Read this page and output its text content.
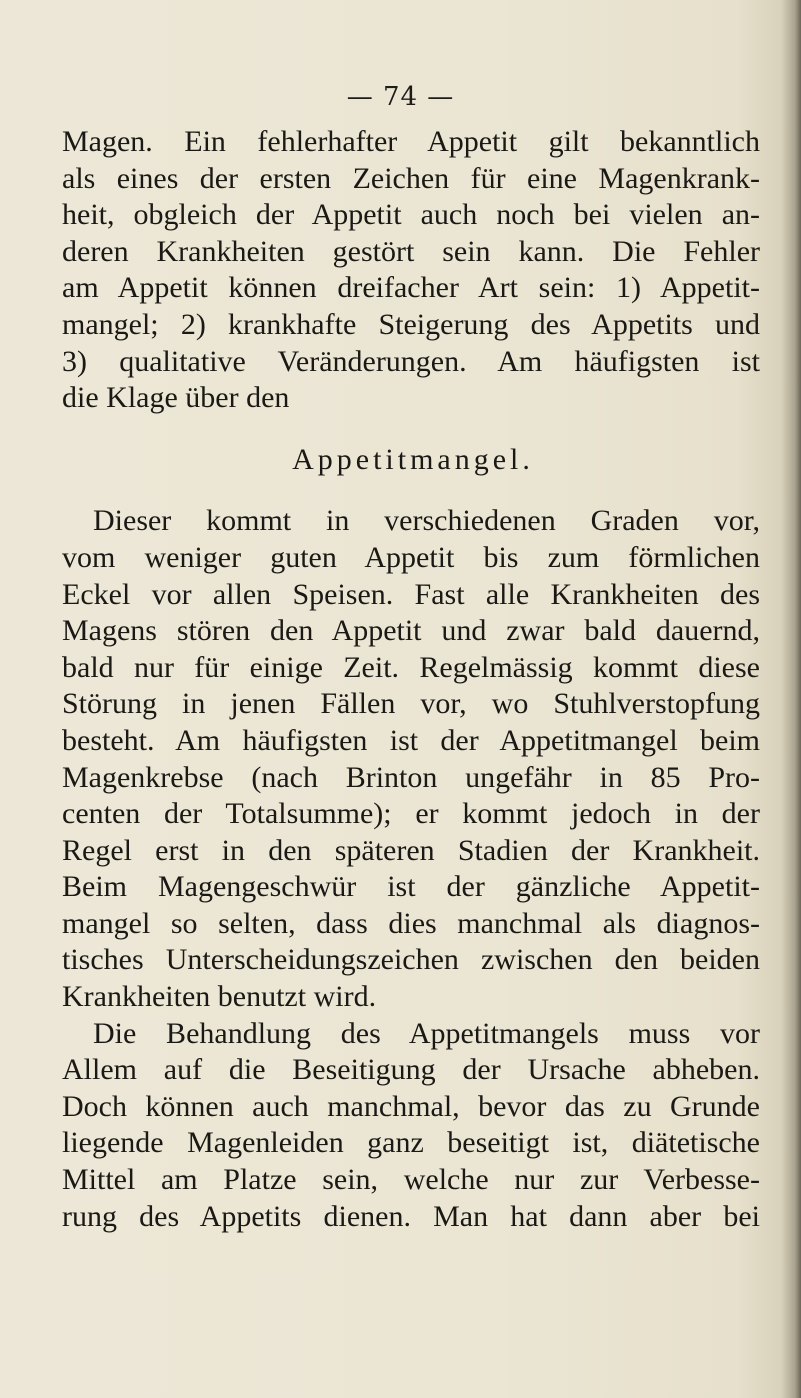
— 74 —
Magen. Ein fehlerhafter Appetit gilt bekanntlich
als eines der ersten Zeichen für eine Magenkrank-
heit, obgleich der Appetit auch noch bei vielen an-
deren Krankheiten gestört sein kann. Die Fehler
am Appetit können dreifacher Art sein: 1) Appetit-
mangel; 2) krankhafte Steigerung des Appetits und
3) qualitative Veränderungen. Am häufigsten ist
die Klage über den
Appetitmangel.
Dieser kommt in verschiedenen Graden vor,
vom weniger guten Appetit bis zum förmlichen
Eckel vor allen Speisen. Fast alle Krankheiten des
Magens stören den Appetit und zwar bald dauernd,
bald nur für einige Zeit. Regelmässig kommt diese
Störung in jenen Fällen vor, wo Stuhlverstopfung
besteht. Am häufigsten ist der Appetitmangel beim
Magenkrebse (nach Brinton ungefähr in 85 Pro-
centen der Totalsumme); er kommt jedoch in der
Regel erst in den späteren Stadien der Krankheit.
Beim Magengeschwür ist der gänzliche Appetit-
mangel so selten, dass dies manchmal als diagnos-
tisches Unterscheidungszeichen zwischen den beiden
Krankheiten benutzt wird.
Die Behandlung des Appetitmangels muss vor
Allem auf die Beseitigung der Ursache abheben.
Doch können auch manchmal, bevor das zu Grunde
liegende Magenleiden ganz beseitigt ist, diätetische
Mittel am Platze sein, welche nur zur Verbesse-
rung des Appetits dienen. Man hat dann aber bei
